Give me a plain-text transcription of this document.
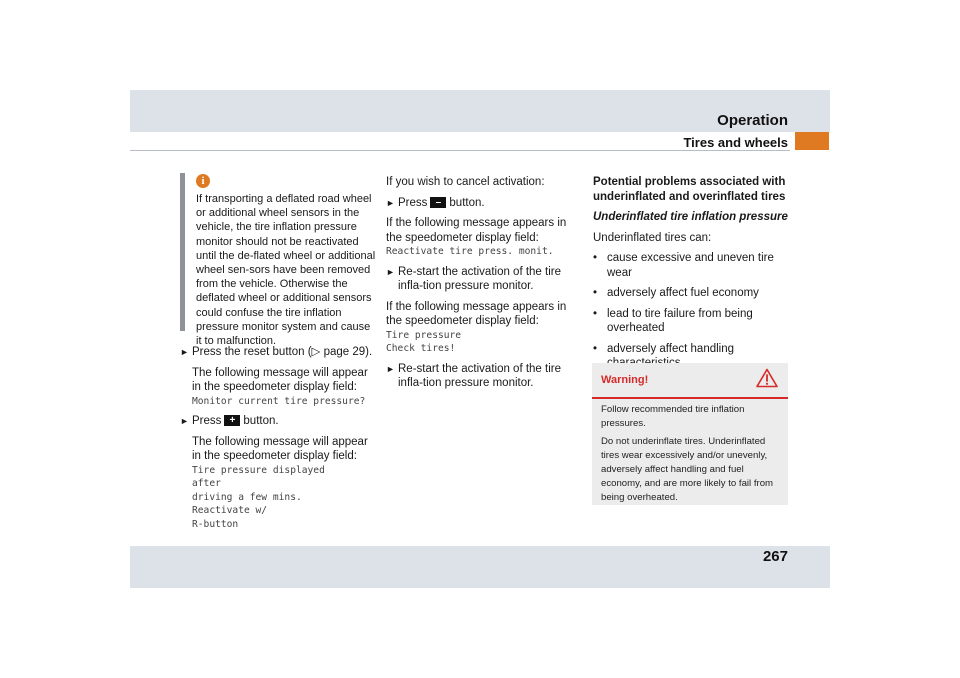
Operation
Tires and wheels
267
i
If transporting a deflated road wheel or additional wheel sensors in the vehicle, the tire inflation pressure monitor should not be reactivated until the de-flated wheel or additional wheel sen-sors have been removed from the vehicle. Otherwise the deflated wheel or additional sensors could confuse the tire inflation pressure monitor system and cause it to malfunction.
► Press the reset button (▷ page 29).
The following message will appear in the speedometer display field:
Monitor current tire pressure?
► Press + button.
The following message will appear in the speedometer display field:
Tire pressure displayed
after
driving a few mins.
Reactivate w/
R-button

If you wish to cancel activation:

► Press – button.

If the following message appears in the speedometer display field:
Reactivate tire press. monit.

► Re-start the activation of the tire infla-tion pressure monitor.

If the following message appears in the speedometer display field:
Tire pressure
Check tires!

► Re-start the activation of the tire infla-tion pressure monitor.

Potential problems associated with underinflated and overinflated tires

Underinflated tire inflation pressure

Underinflated tires can:

• cause excessive and uneven tire wear
• adversely affect fuel economy
• lead to tire failure from being overheated
• adversely affect handling
Warning!

Follow recommended tire inflation pressures.

Do not underinflate tires. Underinflated tires wear excessively and/or unevenly, adversely affect handling and fuel economy, and are more likely to fail from being overheated.
